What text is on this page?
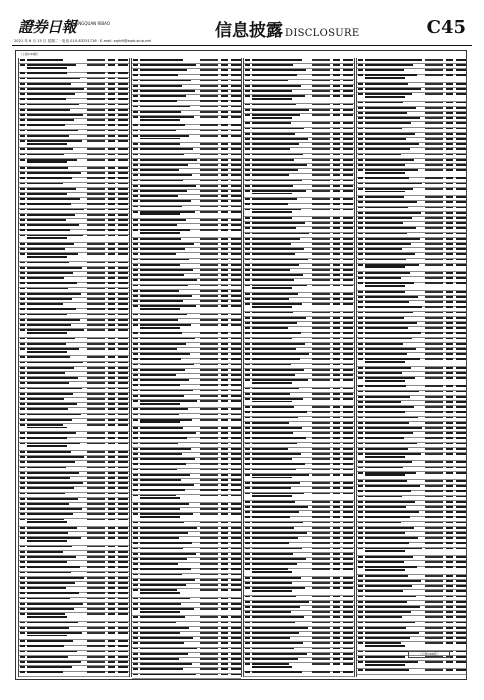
證券日報
ZHENGQUAN RIBAO
2021 年 6 月 15 日 星期二 · 电话 010-83251716 · E-mail: zqrb9@zqrb.sina.net	信息披露 DISCLOSURE	C45
（上接C44版）
（下转C46版）
